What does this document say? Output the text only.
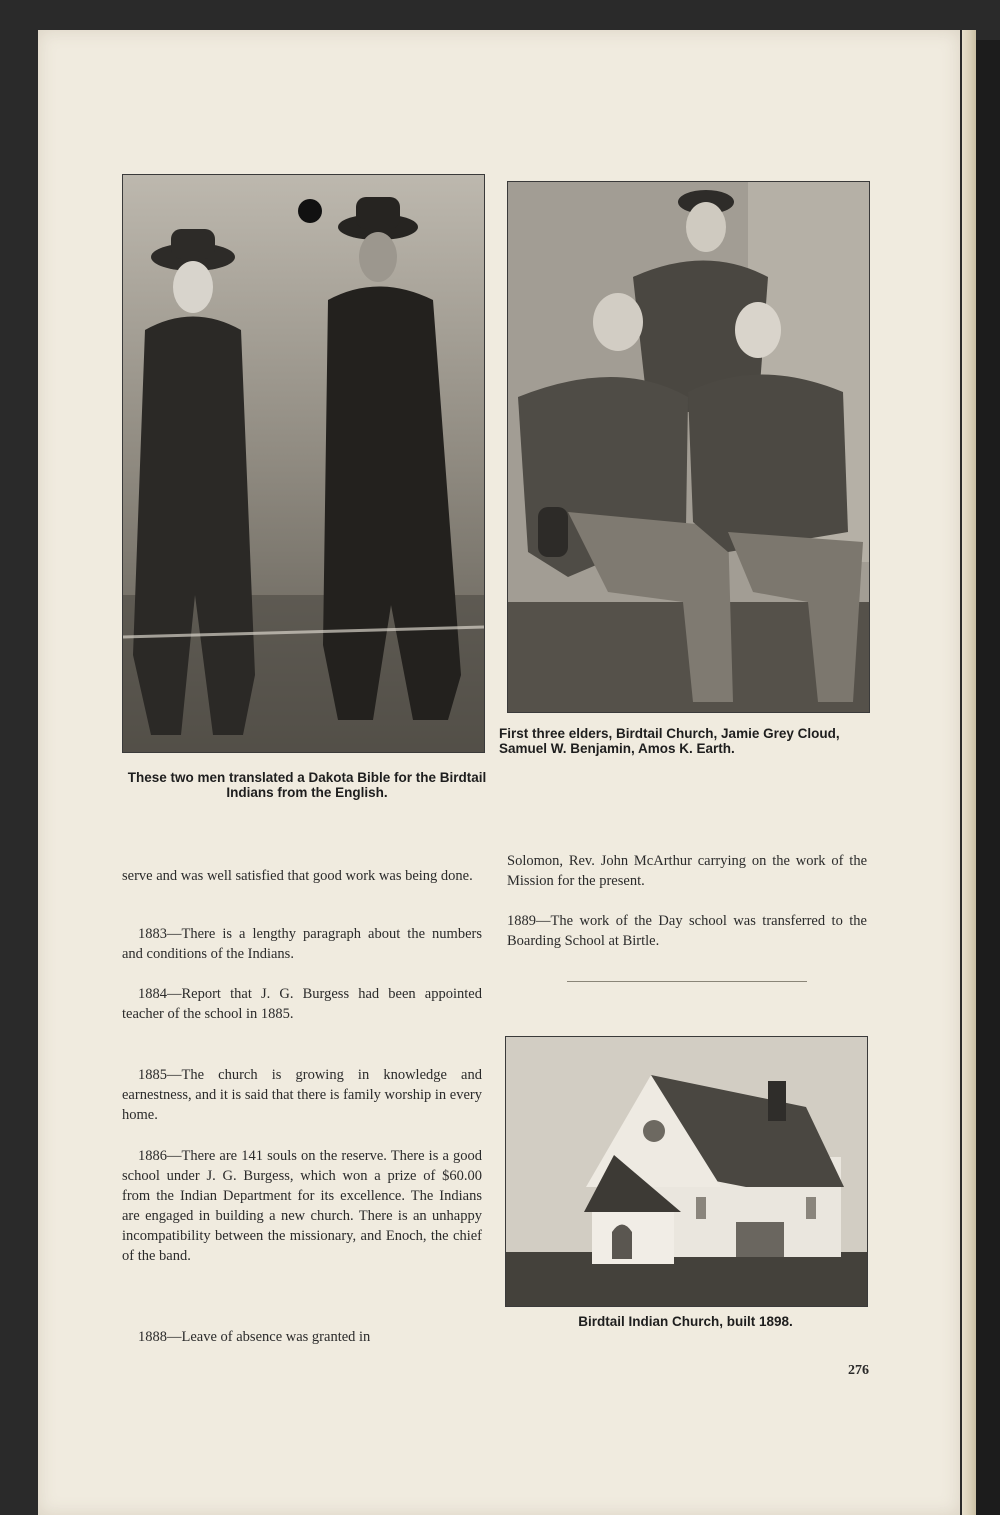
These two men translated a Dakota Bible for the Birdtail Indians from the English.
First three elders, Birdtail Church, Jamie Grey Cloud, Samuel W. Benjamin, Amos K. Earth.

serve and was well satisfied that good work was being done.

1883—There is a lengthy paragraph about the numbers and conditions of the Indians.

1884—Report that J. G. Burgess had been appointed teacher of the school in 1885.

1885—The church is growing in knowledge and earnestness, and it is said that there is family worship in every home.

1886—There are 141 souls on the reserve. There is a good school under J. G. Burgess, which won a prize of $60.00 from the Indian Department for its excellence. The Indians are engaged in building a new church. There is an unhappy incompatibility between the missionary, and Enoch, the chief of the band.

1888—Leave of absence was granted in

Solomon, Rev. John McArthur carrying on the work of the Mission for the present.

1889—The work of the Day school was transferred to the Boarding School at Birtle.

Birdtail Indian Church, built 1898.
276
